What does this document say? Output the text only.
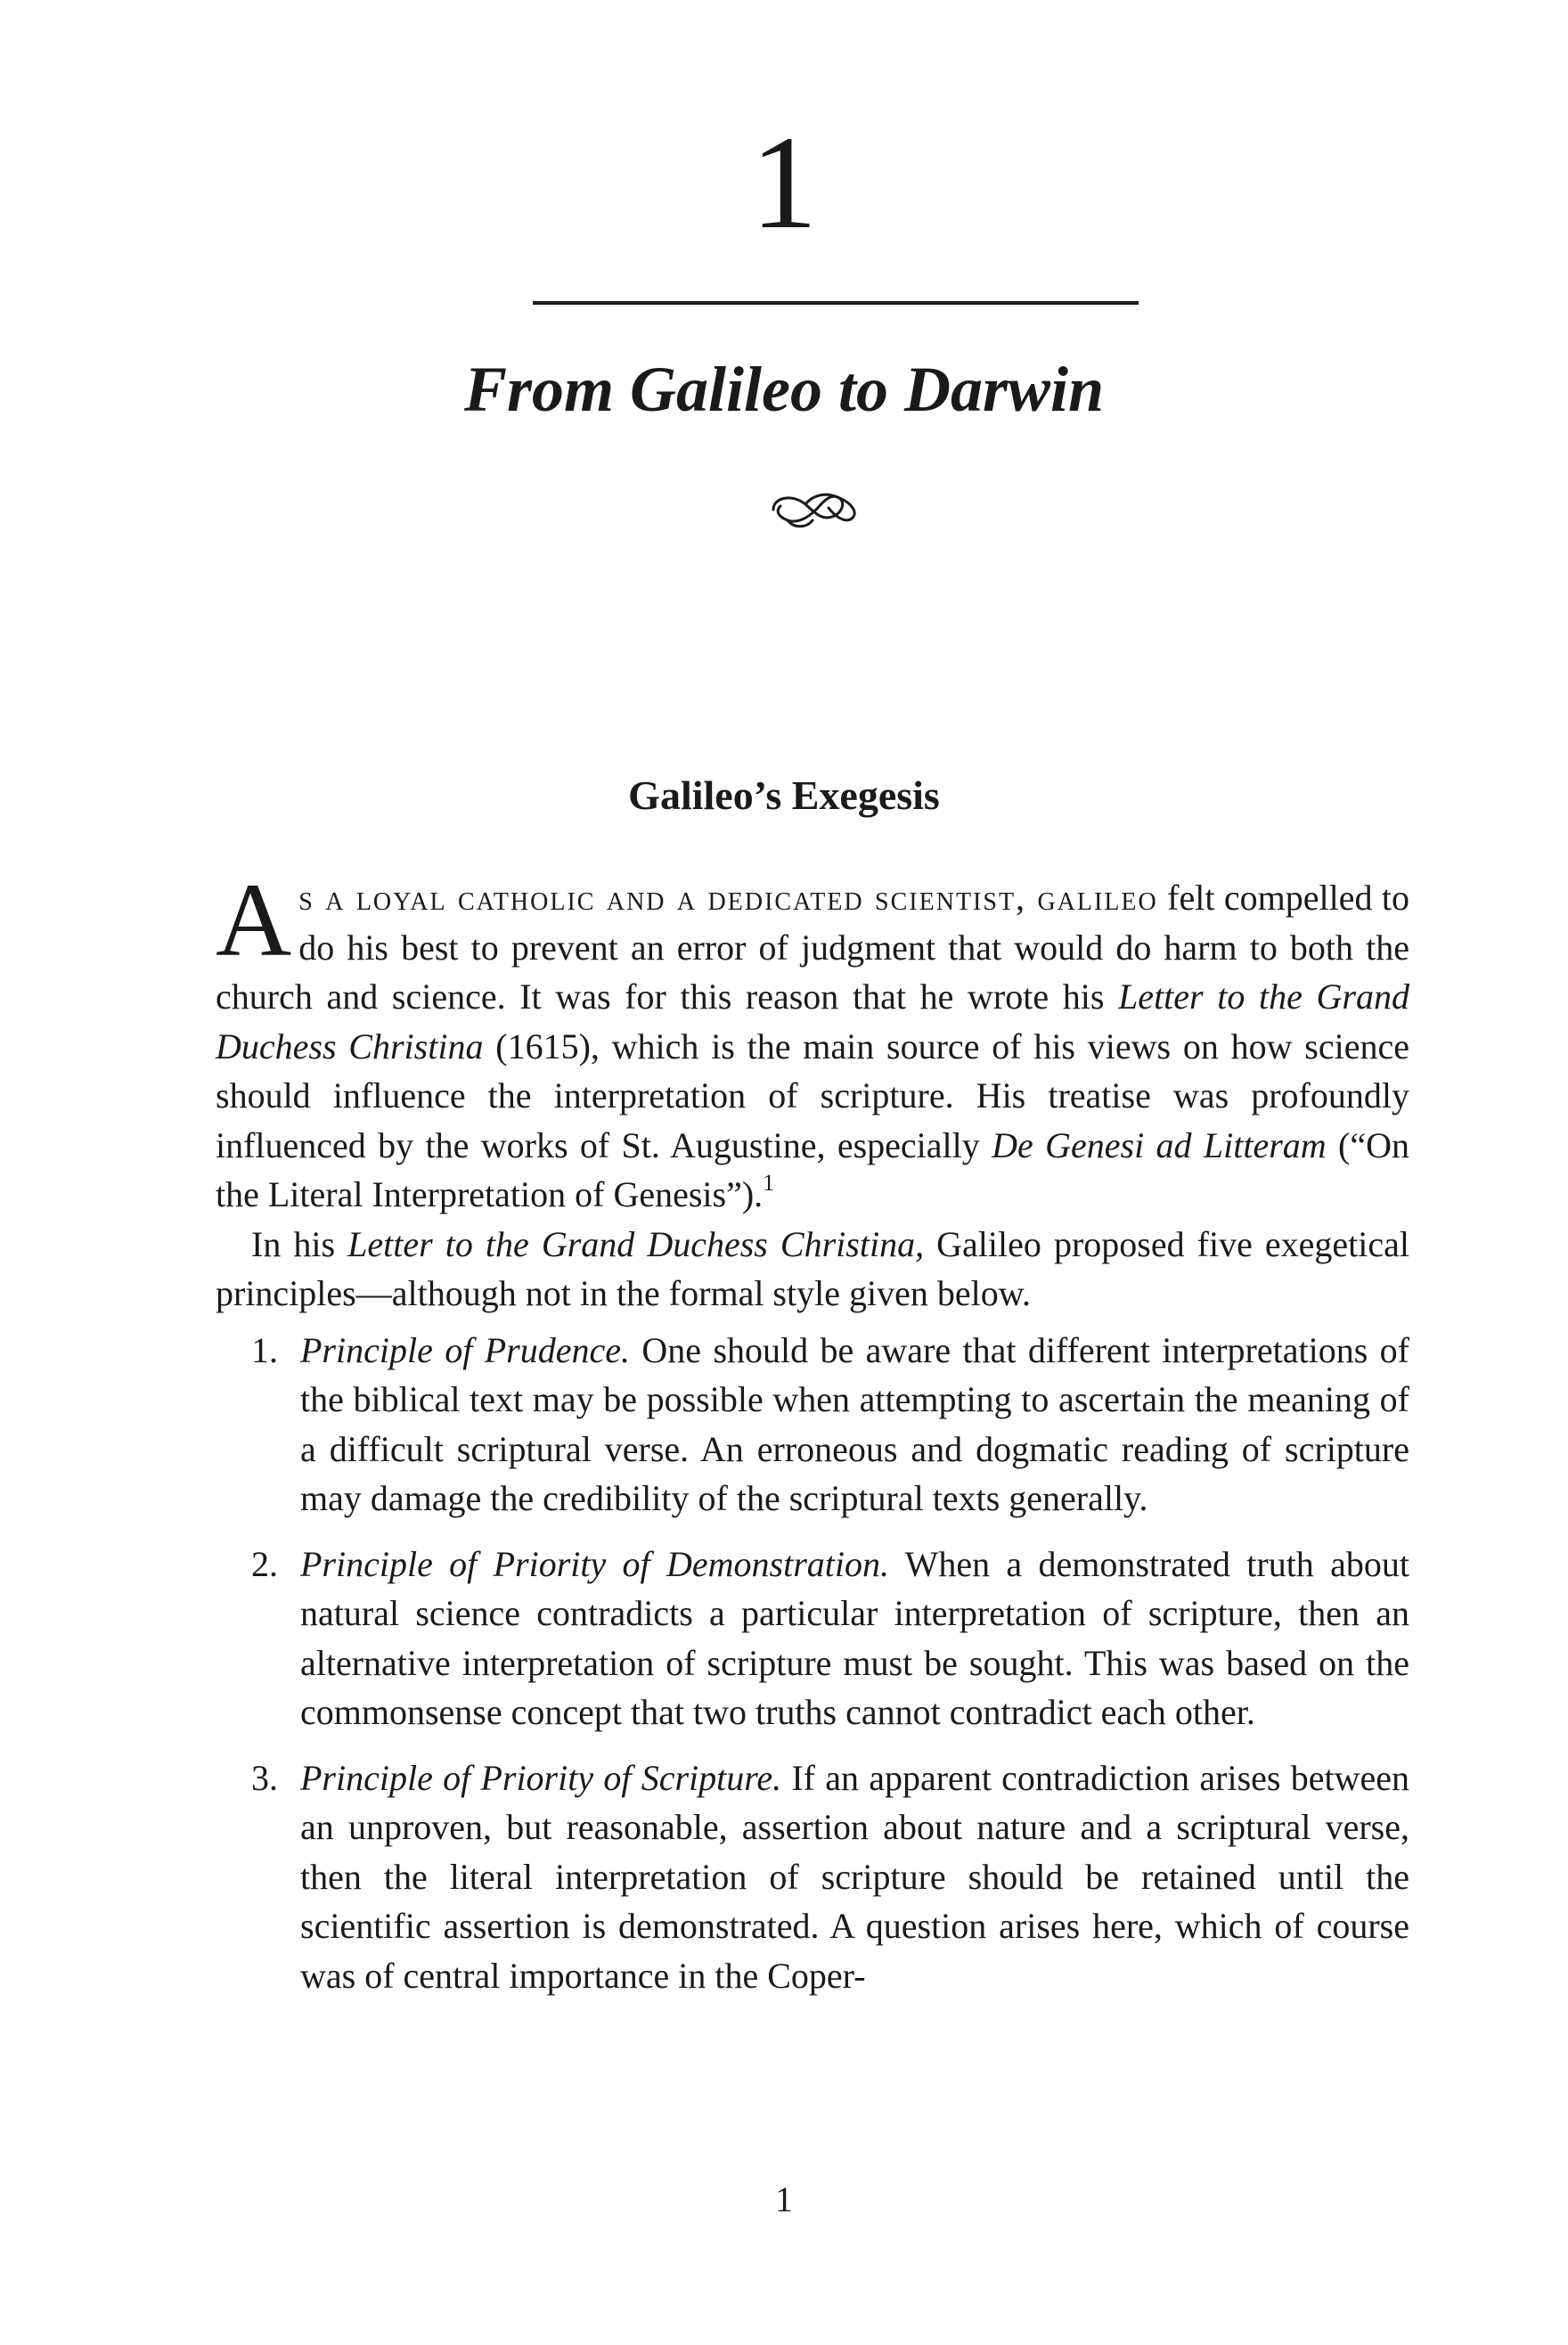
1
From Galileo to Darwin
Galileo’s Exegesis

As a loyal catholic and a dedicated scientist, galileo felt compelled to do his best to prevent an error of judgment that would do harm to both the church and science. It was for this reason that he wrote his Letter to the Grand Duchess Christina (1615), which is the main source of his views on how science should influence the interpretation of scripture. His treatise was profoundly influenced by the works of St. Augustine, especially De Genesi ad Litteram (“On the Literal Interpretation of Genesis”).$^1$

In his Letter to the Grand Duchess Christina, Galileo proposed five exegetical principles—although not in the formal style given below.

1. Principle of Prudence. One should be aware that different interpretations of the biblical text may be possible when attempting to ascertain the meaning of a difficult scriptural verse. An erroneous and dogmatic reading of scripture may damage the credibility of the scriptural texts generally.
2. Principle of Priority of Demonstration. When a demonstrated truth about natural science contradicts a particular interpretation of scripture, then an alternative interpretation of scripture must be sought. This was based on the commonsense concept that two truths cannot contradict each other.
3. Principle of Priority of Scripture. If an apparent contradiction arises between an unproven, but reasonable, assertion about nature and a scriptural verse, then the literal interpretation of scripture should be retained until the scientific assertion is demonstrated. A question arises here, which of course was of central importance in the Coper-
1
